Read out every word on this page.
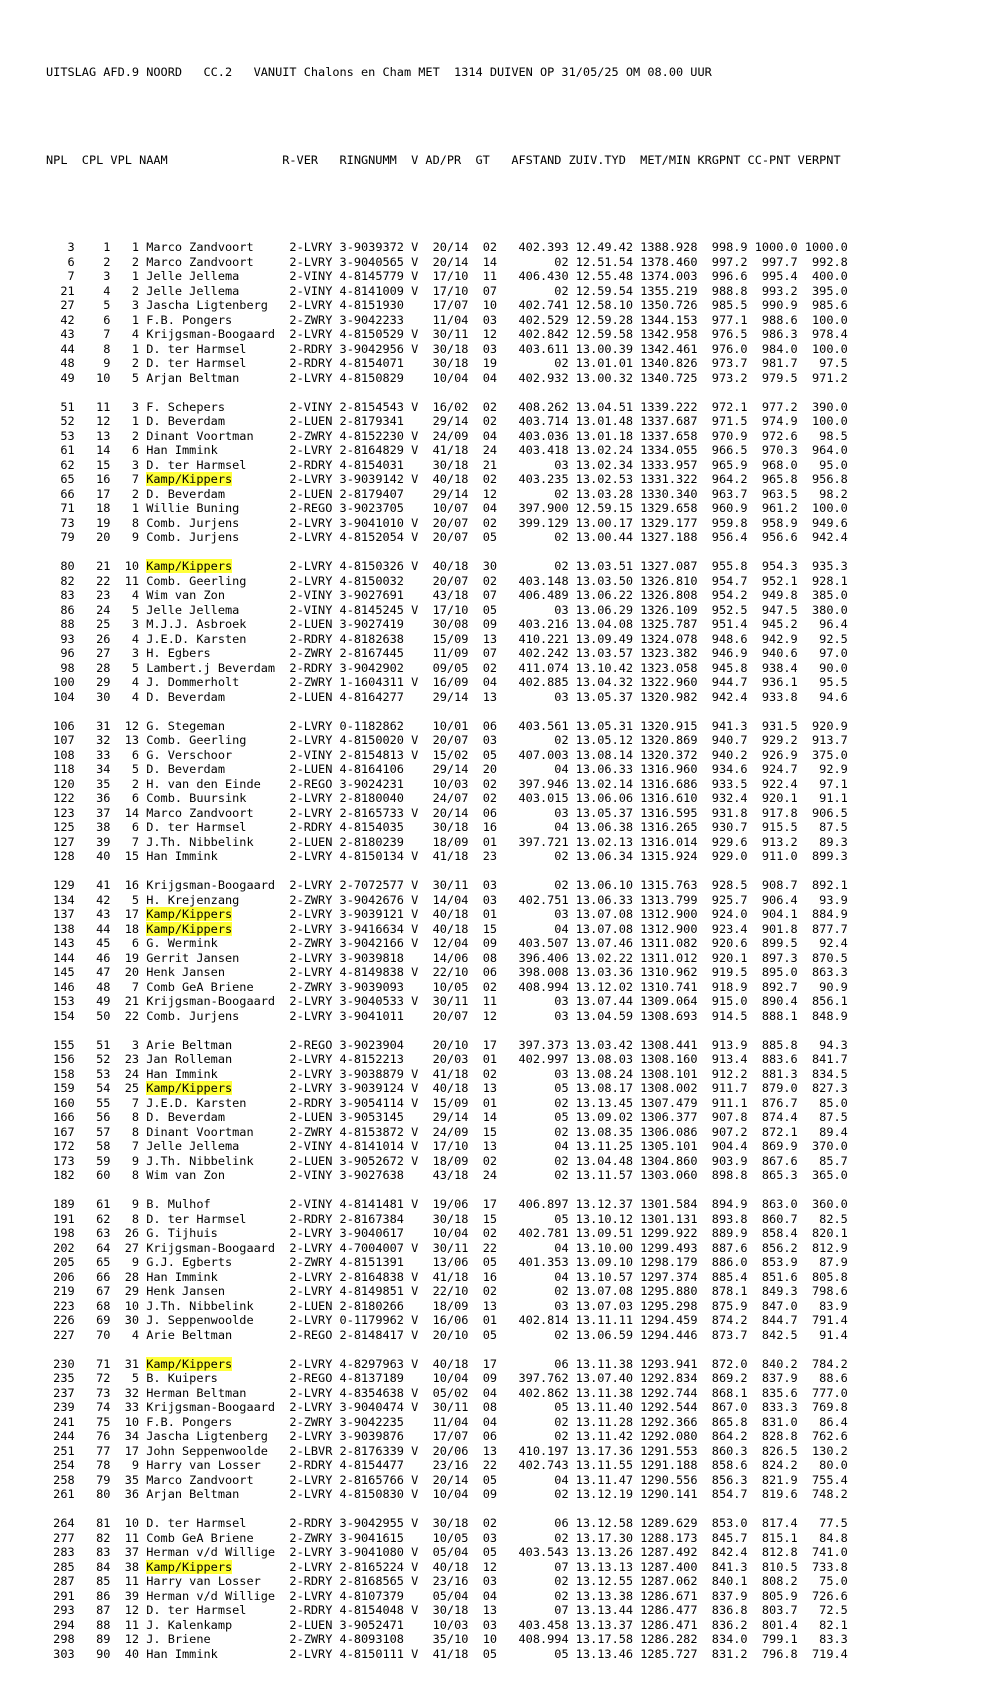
UITSLAG AFD.9 NOORD   CC.2   VANUIT Chalons en Cham MET  1314 DUIVEN OP 31/05/25 OM 08.00 UUR

NPL  CPL VPL NAAM                R-VER   RINGNUMM  V AD/PR  GT   AFSTAND ZUIV.TYD  MET/MIN KRGPNT CC-PNT VERPNT

3    1   1 Marco Zandvoort     2-LVRY 3-9039372 V  20/14  02   402.393 12.49.42 1388.928  998.9 1000.0 1000.0
6    2   2 Marco Zandvoort     2-LVRY 3-9040565 V  20/14  14        02 12.51.54 1378.460  997.2  997.7  992.8
7    3   1 Jelle Jellema       2-VINY 4-8145779 V  17/10  11   406.430 12.55.48 1374.003  996.6  995.4  400.0
21    4   2 Jelle Jellema       2-VINY 4-8141009 V  17/10  07        02 12.59.54 1355.219  988.8  993.2  395.0
27    5   3 Jascha Ligtenberg   2-LVRY 4-8151930    17/07  10   402.741 12.58.10 1350.726  985.5  990.9  985.6
42    6   1 F.B. Pongers        2-ZWRY 3-9042233    11/04  03   402.529 12.59.28 1344.153  977.1  988.6  100.0
43    7   4 Krijgsman-Boogaard  2-LVRY 4-8150529 V  30/11  12   402.842 12.59.58 1342.958  976.5  986.3  978.4
44    8   1 D. ter Harmsel      2-RDRY 3-9042956 V  30/18  03   403.611 13.00.39 1342.461  976.0  984.0  100.0
48    9   2 D. ter Harmsel      2-RDRY 4-8154071    30/18  19        02 13.01.01 1340.826  973.7  981.7   97.5
49   10   5 Arjan Beltman       2-LVRY 4-8150829    10/04  04   402.932 13.00.32 1340.725  973.2  979.5  971.2
51   11   3 F. Schepers         2-VINY 2-8154543 V  16/02  02   408.262 13.04.51 1339.222  972.1  977.2  390.0
52   12   1 D. Beverdam         2-LUEN 2-8179341    29/14  02   403.714 13.01.48 1337.687  971.5  974.9  100.0
53   13   2 Dinant Voortman     2-ZWRY 4-8152230 V  24/09  04   403.036 13.01.18 1337.658  970.9  972.6   98.5
61   14   6 Han Immink          2-LVRY 2-8164829 V  41/18  24   403.418 13.02.24 1334.055  966.5  970.3  964.0
62   15   3 D. ter Harmsel      2-RDRY 4-8154031    30/18  21        03 13.02.34 1333.957  965.9  968.0   95.0
65   16   7 Kamp/Kippers	2-LVRY 3-9039142 V  40/18  02   403.235 13.02.53 1331.322  964.2  965.8  956.8
66   17   2 D. Beverdam         2-LUEN 2-8179407    29/14  12        02 13.03.28 1330.340  963.7  963.5   98.2
71   18   1 Willie Buning       2-REGO 3-9023705    10/07  04   397.900 12.59.15 1329.658  960.9  961.2  100.0
73   19   8 Comb. Jurjens       2-LVRY 3-9041010 V  20/07  02   399.129 13.00.17 1329.177  959.8  958.9  949.6
79   20   9 Comb. Jurjens       2-LVRY 4-8152054 V  20/07  05        02 13.00.44 1327.188  956.4  956.6  942.4
80   21  10 Kamp/Kippers	2-LVRY 4-8150326 V  40/18  30        02 13.03.51 1327.087  955.8  954.3  935.3
82   22  11 Comb. Geerling      2-LVRY 4-8150032    20/07  02   403.148 13.03.50 1326.810  954.7  952.1  928.1
83   23   4 Wim van Zon         2-VINY 3-9027691    43/18  07   406.489 13.06.22 1326.808  954.2  949.8  385.0
86   24   5 Jelle Jellema       2-VINY 4-8145245 V  17/10  05        03 13.06.29 1326.109  952.5  947.5  380.0
88   25   3 M.J.J. Asbroek      2-LUEN 3-9027419    30/08  09   403.216 13.04.08 1325.787  951.4  945.2   96.4
93   26   4 J.E.D. Karsten      2-RDRY 4-8182638    15/09  13   410.221 13.09.49 1324.078  948.6  942.9   92.5
96   27   3 H. Egbers           2-ZWRY 2-8167445    11/09  07   402.242 13.03.57 1323.382  946.9  940.6   97.0
98   28   5 Lambert.j Beverdam  2-RDRY 3-9042902    09/05  02   411.074 13.10.42 1323.058  945.8  938.4   90.0
100   29   4 J. Dommerholt       2-ZWRY 1-1604311 V  16/09  04   402.885 13.04.32 1322.960  944.7  936.1   95.5
104   30   4 D. Beverdam         2-LUEN 4-8164277    29/14  13        03 13.05.37 1320.982  942.4  933.8   94.6
106   31  12 G. Stegeman         2-LVRY 0-1182862    10/01  06   403.561 13.05.31 1320.915  941.3  931.5  920.9
107   32  13 Comb. Geerling      2-LVRY 4-8150020 V  20/07  03        02 13.05.12 1320.869  940.7  929.2  913.7
108   33   6 G. Verschoor        2-VINY 2-8154813 V  15/02  05   407.003 13.08.14 1320.372  940.2  926.9  375.0
118   34   5 D. Beverdam         2-LUEN 4-8164106    29/14  20        04 13.06.33 1316.960  934.6  924.7   92.9
120   35   2 H. van den Einde    2-REGO 3-9024231    10/03  02   397.946 13.02.14 1316.686  933.5  922.4   97.1
122   36   6 Comb. Buursink      2-LVRY 2-8180040    24/07  02   403.015 13.06.06 1316.610  932.4  920.1   91.1
123   37  14 Marco Zandvoort     2-LVRY 2-8165733 V  20/14  06        03 13.05.37 1316.595  931.8  917.8  906.5
125   38   6 D. ter Harmsel      2-RDRY 4-8154035    30/18  16        04 13.06.38 1316.265  930.7  915.5   87.5
127   39   7 J.Th. Nibbelink     2-LUEN 2-8180239    18/09  01   397.721 13.02.13 1316.014  929.6  913.2   89.3
128   40  15 Han Immink          2-LVRY 4-8150134 V  41/18  23        02 13.06.34 1315.924  929.0  911.0  899.3
129   41  16 Krijgsman-Boogaard  2-LVRY 2-7072577 V  30/11  03        02 13.06.10 1315.763  928.5  908.7  892.1
134   42   5 H. Krejenzang       2-ZWRY 3-9042676 V  14/04  03   402.751 13.06.33 1313.799  925.7  906.4   93.9
137   43  17 Kamp/Kippers	2-LVRY 3-9039121 V  40/18  01        03 13.07.08 1312.900  924.0  904.1  884.9
138   44  18 Kamp/Kippers	2-LVRY 3-9416634 V  40/18  15        04 13.07.08 1312.900  923.4  901.8  877.7
143   45   6 G. Wermink          2-ZWRY 3-9042166 V  12/04  09   403.507 13.07.46 1311.082  920.6  899.5   92.4
144   46  19 Gerrit Jansen       2-LVRY 3-9039818    14/06  08   396.406 13.02.22 1311.012  920.1  897.3  870.5
145   47  20 Henk Jansen         2-LVRY 4-8149838 V  22/10  06   398.008 13.03.36 1310.962  919.5  895.0  863.3
146   48   7 Comb GeA Briene     2-ZWRY 3-9039093    10/05  02   408.994 13.12.02 1310.741  918.9  892.7   90.9
153   49  21 Krijgsman-Boogaard  2-LVRY 3-9040533 V  30/11  11        03 13.07.44 1309.064  915.0  890.4  856.1
154   50  22 Comb. Jurjens       2-LVRY 3-9041011    20/07  12        03 13.04.59 1308.693  914.5  888.1  848.9
155   51   3 Arie Beltman        2-REGO 3-9023904    20/10  17   397.373 13.03.42 1308.441  913.9  885.8   94.3
156   52  23 Jan Rolleman        2-LVRY 4-8152213    20/03  01   402.997 13.08.03 1308.160  913.4  883.6  841.7
158   53  24 Han Immink          2-LVRY 3-9038879 V  41/18  02        03 13.08.24 1308.101  912.2  881.3  834.5
159   54  25 Kamp/Kippers	2-LVRY 3-9039124 V  40/18  13        05 13.08.17 1308.002  911.7  879.0  827.3
160   55   7 J.E.D. Karsten      2-RDRY 3-9054114 V  15/09  01        02 13.13.45 1307.479  911.1  876.7   85.0
166   56   8 D. Beverdam         2-LUEN 3-9053145    29/14  14        05 13.09.02 1306.377  907.8  874.4   87.5
167   57   8 Dinant Voortman     2-ZWRY 4-8153872 V  24/09  15        02 13.08.35 1306.086  907.2  872.1   89.4
172   58   7 Jelle Jellema       2-VINY 4-8141014 V  17/10  13        04 13.11.25 1305.101  904.4  869.9  370.0
173   59   9 J.Th. Nibbelink     2-LUEN 3-9052672 V  18/09  02        02 13.04.48 1304.860  903.9  867.6   85.7
182   60   8 Wim van Zon         2-VINY 3-9027638    43/18  24        02 13.11.57 1303.060  898.8  865.3  365.0
189   61   9 B. Mulhof           2-VINY 4-8141481 V  19/06  17   406.897 13.12.37 1301.584  894.9  863.0  360.0
191   62   8 D. ter Harmsel      2-RDRY 2-8167384    30/18  15        05 13.10.12 1301.131  893.8  860.7   82.5
198   63  26 G. Tijhuis          2-LVRY 3-9040617    10/04  02   402.781 13.09.51 1299.922  889.9  858.4  820.1
202   64  27 Krijgsman-Boogaard  2-LVRY 4-7004007 V  30/11  22        04 13.10.00 1299.493  887.6  856.2  812.9
205   65   9 G.J. Egberts        2-ZWRY 4-8151391    13/06  05   401.353 13.09.10 1298.179  886.0  853.9   87.9
206   66  28 Han Immink          2-LVRY 2-8164838 V  41/18  16        04 13.10.57 1297.374  885.4  851.6  805.8
219   67  29 Henk Jansen         2-LVRY 4-8149851 V  22/10  02        02 13.07.08 1295.880  878.1  849.3  798.6
223   68  10 J.Th. Nibbelink     2-LUEN 2-8180266    18/09  13        03 13.07.03 1295.298  875.9  847.0   83.9
226   69  30 J. Seppenwoolde     2-LVRY 0-1179962 V  16/06  01   402.814 13.11.11 1294.459  874.2  844.7  791.4
227   70   4 Arie Beltman        2-REGO 2-8148417 V  20/10  05        02 13.06.59 1294.446  873.7  842.5   91.4
230   71  31 Kamp/Kippers	2-LVRY 4-8297963 V  40/18  17        06 13.11.38 1293.941  872.0  840.2  784.2
235   72   5 B. Kuipers          2-REGO 4-8137189    10/04  09   397.762 13.07.40 1292.834  869.2  837.9   88.6
237   73  32 Herman Beltman      2-LVRY 4-8354638 V  05/02  04   402.862 13.11.38 1292.744  868.1  835.6  777.0
239   74  33 Krijgsman-Boogaard  2-LVRY 3-9040474 V  30/11  08        05 13.11.40 1292.544  867.0  833.3  769.8
241   75  10 F.B. Pongers        2-ZWRY 3-9042235    11/04  04        02 13.11.28 1292.366  865.8  831.0   86.4
244   76  34 Jascha Ligtenberg   2-LVRY 3-9039876    17/07  06        02 13.11.42 1292.080  864.2  828.8  762.6
251   77  17 John Seppenwoolde   2-LBVR 2-8176339 V  20/06  13   410.197 13.17.36 1291.553  860.3  826.5  130.2
254   78   9 Harry van Losser    2-RDRY 4-8154477    23/16  22   402.743 13.11.55 1291.188  858.6  824.2   80.0
258   79  35 Marco Zandvoort     2-LVRY 2-8165766 V  20/14  05        04 13.11.47 1290.556  856.3  821.9  755.4
261   80  36 Arjan Beltman       2-LVRY 4-8150830 V  10/04  09        02 13.12.19 1290.141  854.7  819.6  748.2
264   81  10 D. ter Harmsel      2-RDRY 3-9042955 V  30/18  02        06 13.12.58 1289.629  853.0  817.4   77.5
277   82  11 Comb GeA Briene     2-ZWRY 3-9041615    10/05  03        02 13.17.30 1288.173  845.7  815.1   84.8
283   83  37 Herman v/d Willige  2-LVRY 3-9041080 V  05/04  05   403.543 13.13.26 1287.492  842.4  812.8  741.0
285   84  38 Kamp/Kippers	2-LVRY 2-8165224 V  40/18  12        07 13.13.13 1287.400  841.3  810.5  733.8
287   85  11 Harry van Losser    2-RDRY 2-8168565 V  23/16  03        02 13.12.55 1287.062  840.1  808.2   75.0
291   86  39 Herman v/d Willige  2-LVRY 4-8107379    05/04  04        02 13.13.38 1286.671  837.9  805.9  726.6
293   87  12 D. ter Harmsel      2-RDRY 4-8154048 V  30/18  13        07 13.13.44 1286.477  836.8  803.7   72.5
294   88  11 J. Kalenkamp        2-LUEN 3-9052471    10/03  03   403.458 13.13.37 1286.471  836.2  801.4   82.1
298   89  12 J. Briene           2-ZWRY 4-8093108    35/10  10   408.994 13.17.58 1286.282  834.0  799.1   83.3
303   90  40 Han Immink          2-LVRY 4-8150111 V  41/18  05        05 13.13.46 1285.727  831.2  796.8  719.4
